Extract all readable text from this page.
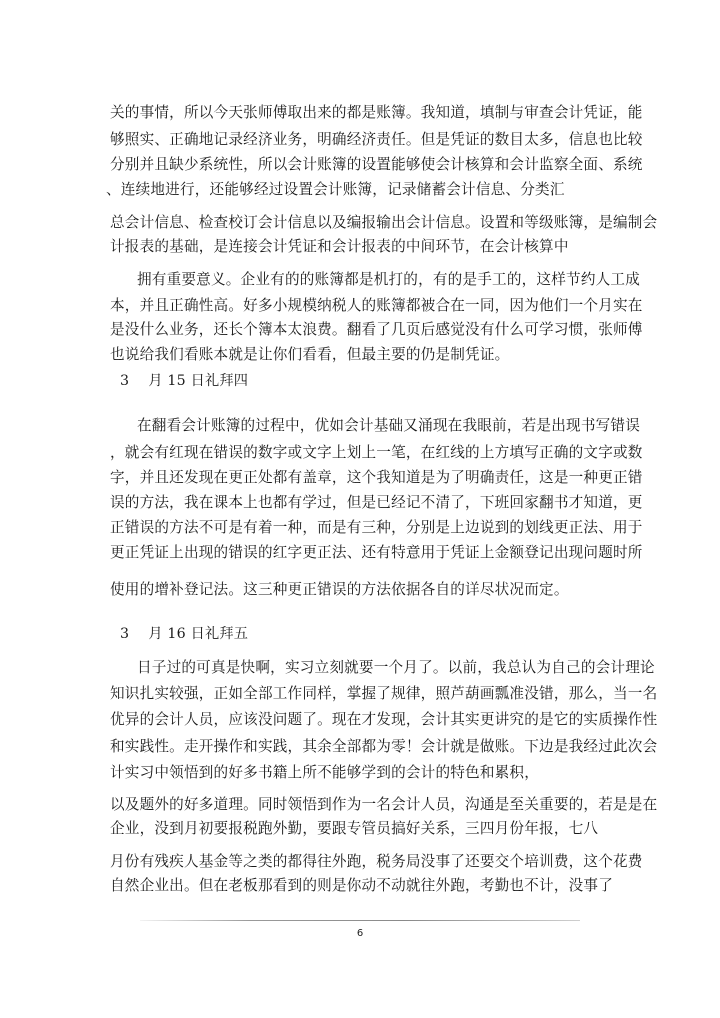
关的事情，所以今天张师傅取出来的都是账簿。我知道，填制与审查会计凭证，能
够照实、正确地记录经济业务，明确经济责任。但是凭证的数目太多，信息也比较
分别并且缺少系统性，所以会计账簿的设置能够使会计核算和会计监察全面、系统
、连续地进行，还能够经过设置会计账簿，记录储蓄会计信息、分类汇
总会计信息、检查校订会计信息以及编报输出会计信息。设置和等级账簿，是编制会
计报表的基础，是连接会计凭证和会计报表的中间环节，在会计核算中
拥有重要意义。企业有的的账簿都是机打的，有的是手工的，这样节约人工成
本，并且正确性高。好多小规模纳税人的账簿都被合在一同，因为他们一个月实在
是没什么业务，还长个簿本太浪费。翻看了几页后感觉没有什么可学习惯，张师傅
也说给我们看账本就是让你们看看，但最主要的仍是制凭证。
3　 月 15 日礼拜四
在翻看会计账簿的过程中，优如会计基础又涌现在我眼前，若是出现书写错误
，就会有红现在错误的数字或文字上划上一笔，在红线的上方填写正确的文字或数
字，并且还发现在更正处都有盖章，这个我知道是为了明确责任，这是一种更正错
误的方法，我在课本上也都有学过，但是已经记不清了，下班回家翻书才知道，更
正错误的方法不可是有着一种，而是有三种，分别是上边说到的划线更正法、用于
更正凭证上出现的错误的红字更正法、还有特意用于凭证上金额登记出现问题时所
使用的增补登记法。这三种更正错误的方法依据各自的详尽状况而定。
3　 月 16 日礼拜五
日子过的可真是快啊，实习立刻就要一个月了。以前，我总认为自己的会计理论
知识扎实较强，正如全部工作同样，掌握了规律，照芦葫画瓢准没错，那么，当一名
优异的会计人员，应该没问题了。现在才发现，会计其实更讲究的是它的实质操作性
和实践性。走开操作和实践，其余全部都为零！会计就是做账。下边是我经过此次会
计实习中领悟到的好多书籍上所不能够学到的会计的特色和累积，
以及题外的好多道理。同时领悟到作为一名会计人员，沟通是至关重要的，若是是在
企业，没到月初要报税跑外勤，要跟专管员搞好关系，三四月份年报，七八
月份有残疾人基金等之类的都得往外跑，税务局没事了还要交个培训费，这个花费
自然企业出。但在老板那看到的则是你动不动就往外跑，考勤也不计，没事了
6
